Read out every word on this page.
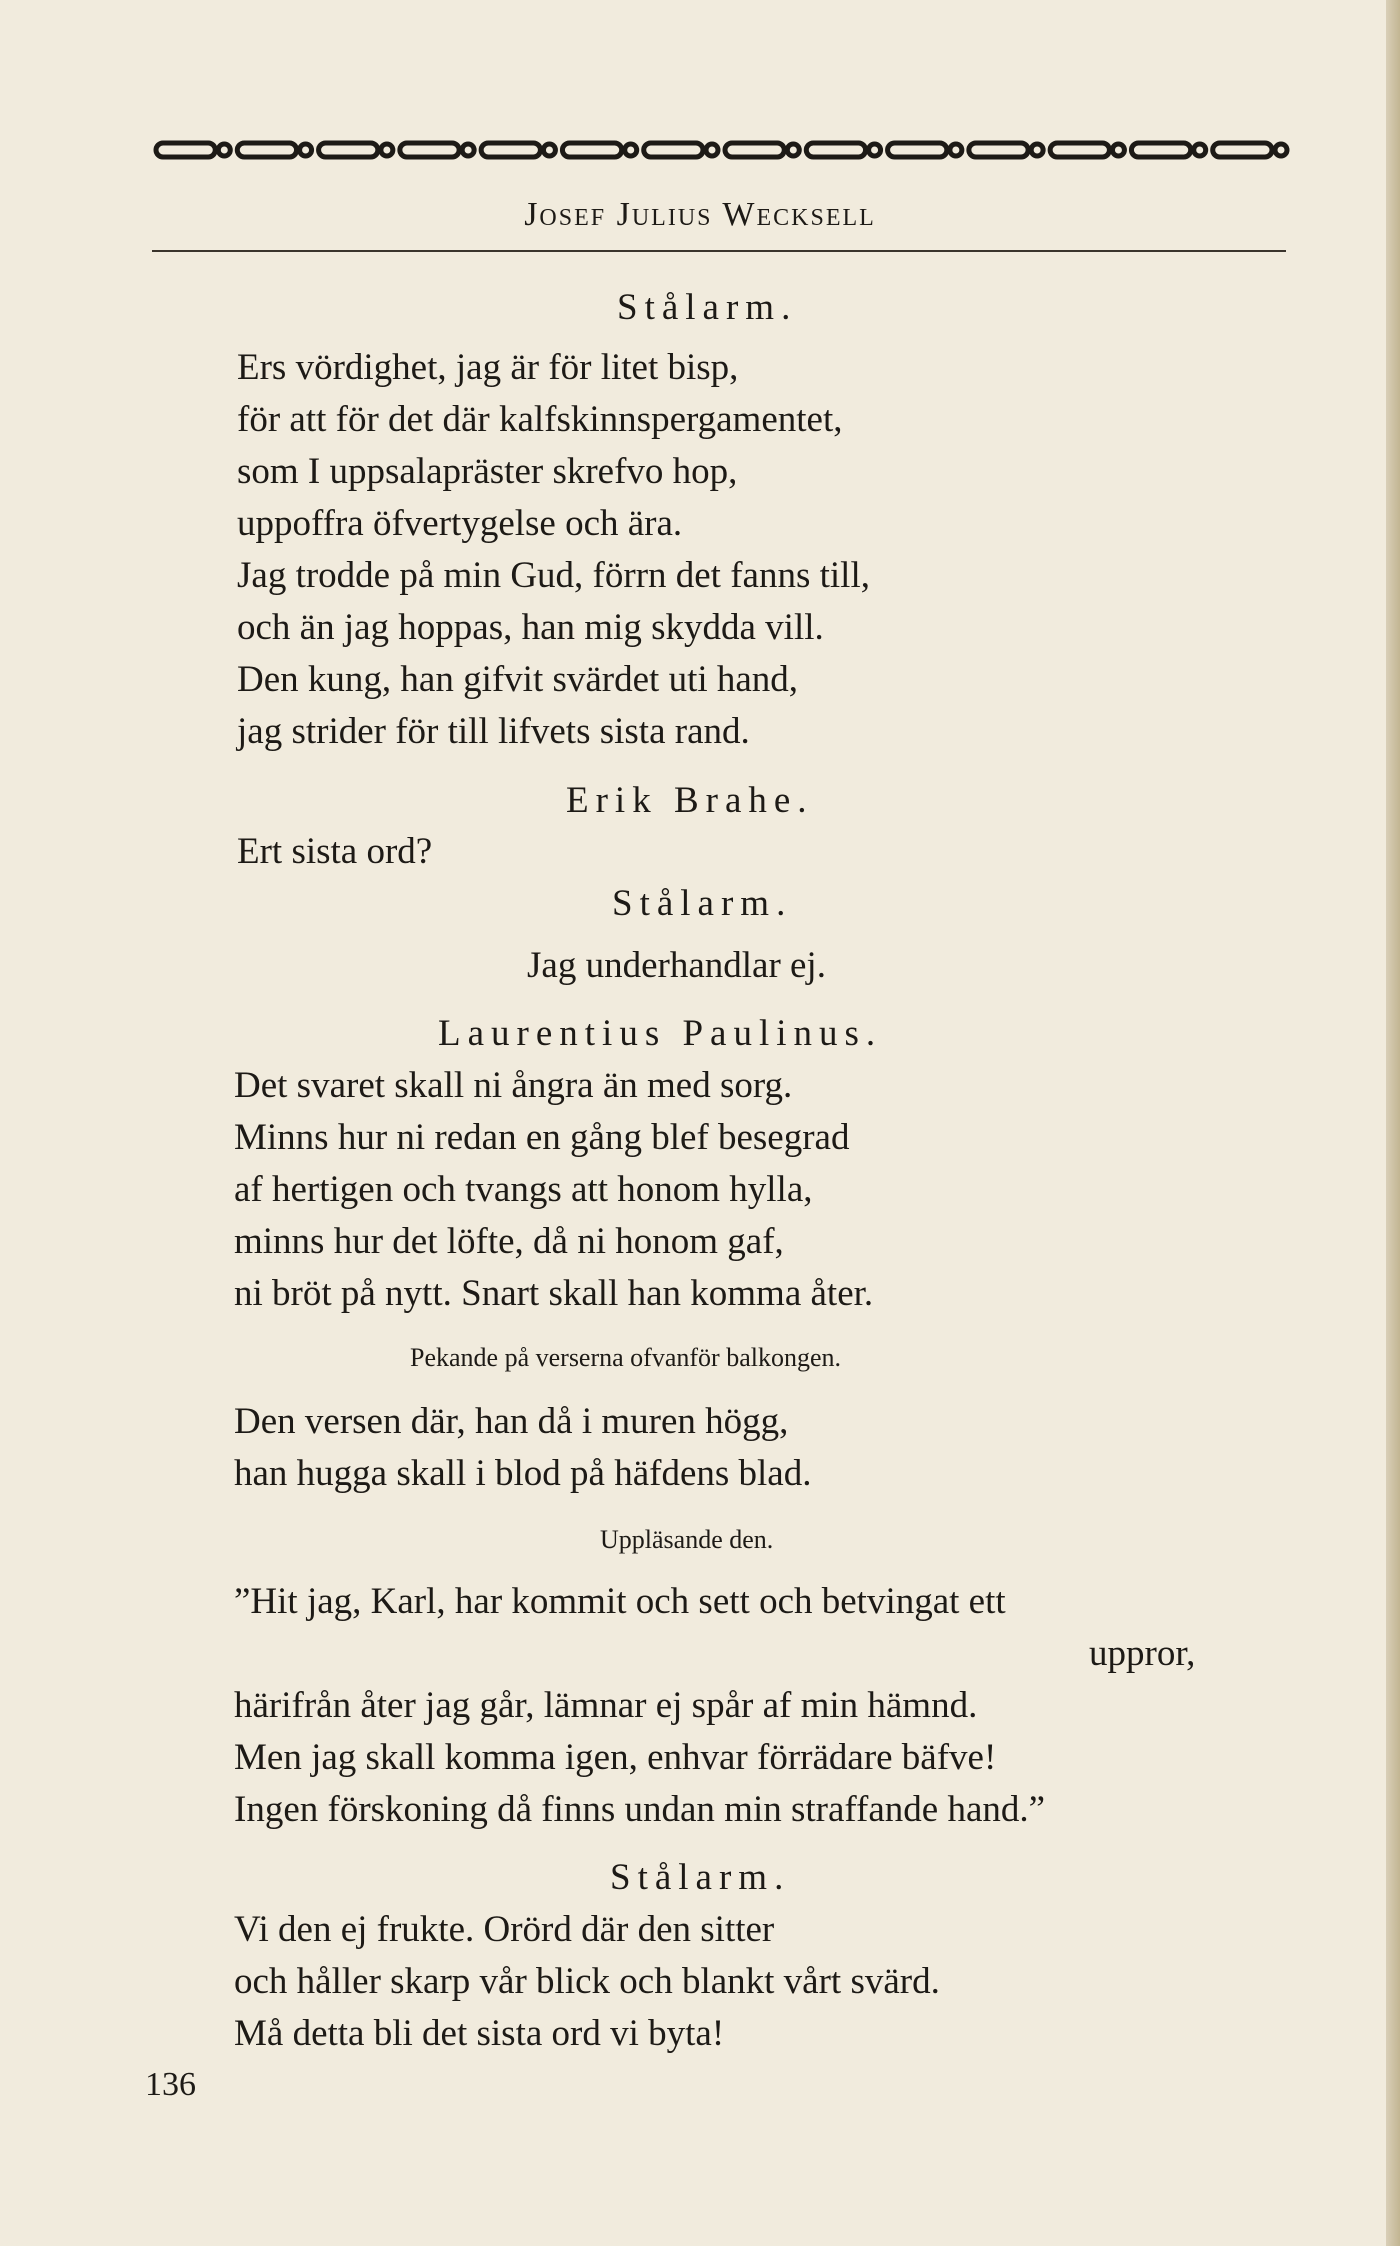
Josef Julius Wecksell
Stålarm.
Ers vördighet, jag är för litet bisp,
för att för det där kalfskinnspergamentet,
som I uppsalapräster skrefvo hop,
uppoffra öfvertygelse och ära.
Jag trodde på min Gud, förrn det fanns till,
och än jag hoppas, han mig skydda vill.
Den kung, han gifvit svärdet uti hand,
jag strider för till lifvets sista rand.
Erik Brahe.
Ert sista ord?
Stålarm.
Jag underhandlar ej.
Laurentius Paulinus.
Det svaret skall ni ångra än med sorg.
Minns hur ni redan en gång blef besegrad
af hertigen och tvangs att honom hylla,
minns hur det löfte, då ni honom gaf,
ni bröt på nytt. Snart skall han komma åter.
Pekande på verserna ofvanför balkongen.
Den versen där, han då i muren högg,
han hugga skall i blod på häfdens blad.
Uppläsande den.
”Hit jag, Karl, har kommit och sett och betvingat ett
uppror,
härifrån åter jag går, lämnar ej spår af min hämnd.
Men jag skall komma igen, enhvar förrädare bäfve!
Ingen förskoning då finns undan min straffande hand.”
Stålarm.
Vi den ej frukte. Orörd där den sitter
och håller skarp vår blick och blankt vårt svärd.
Må detta bli det sista ord vi byta!
136
